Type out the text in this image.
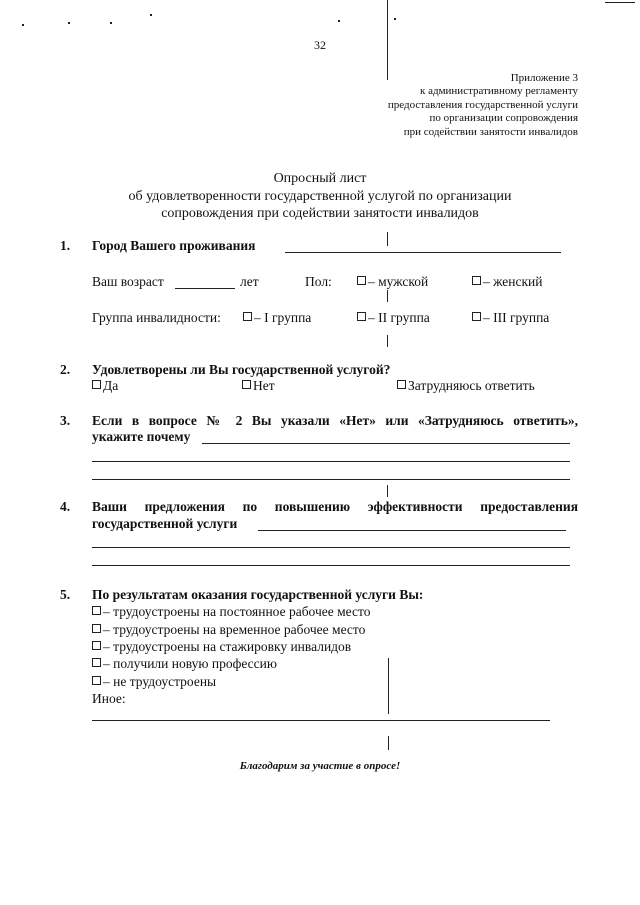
32
Приложение 3
к административному регламенту
предоставления государственной услуги
по организации сопровождения
при содействии занятости инвалидов
Опросный лист
об удовлетворенности государственной услугой по организации
сопровождения при содействии занятости инвалидов
1. Город Вашего проживания
Ваш возраст	лет	Пол:	– мужской	– женский
Группа инвалидности:	– I группа	– II группа	– III группа
2. Удовлетворены ли Вы государственной услугой?
Да	Нет	Затрудняюсь ответить
3. Если в вопросе № 2 Вы указали «Нет» или «Затрудняюсь ответить»,
укажите почему
4. Ваши предложения по повышению эффективности предоставления
государственной услуги
5. По результатам оказания государственной услуги Вы:
– трудоустроены на постоянное рабочее место
– трудоустроены на временное рабочее место
– трудоустроены на стажировку инвалидов
– получили новую профессию
– не трудоустроены
Иное:
Благодарим за участие в опросе!
